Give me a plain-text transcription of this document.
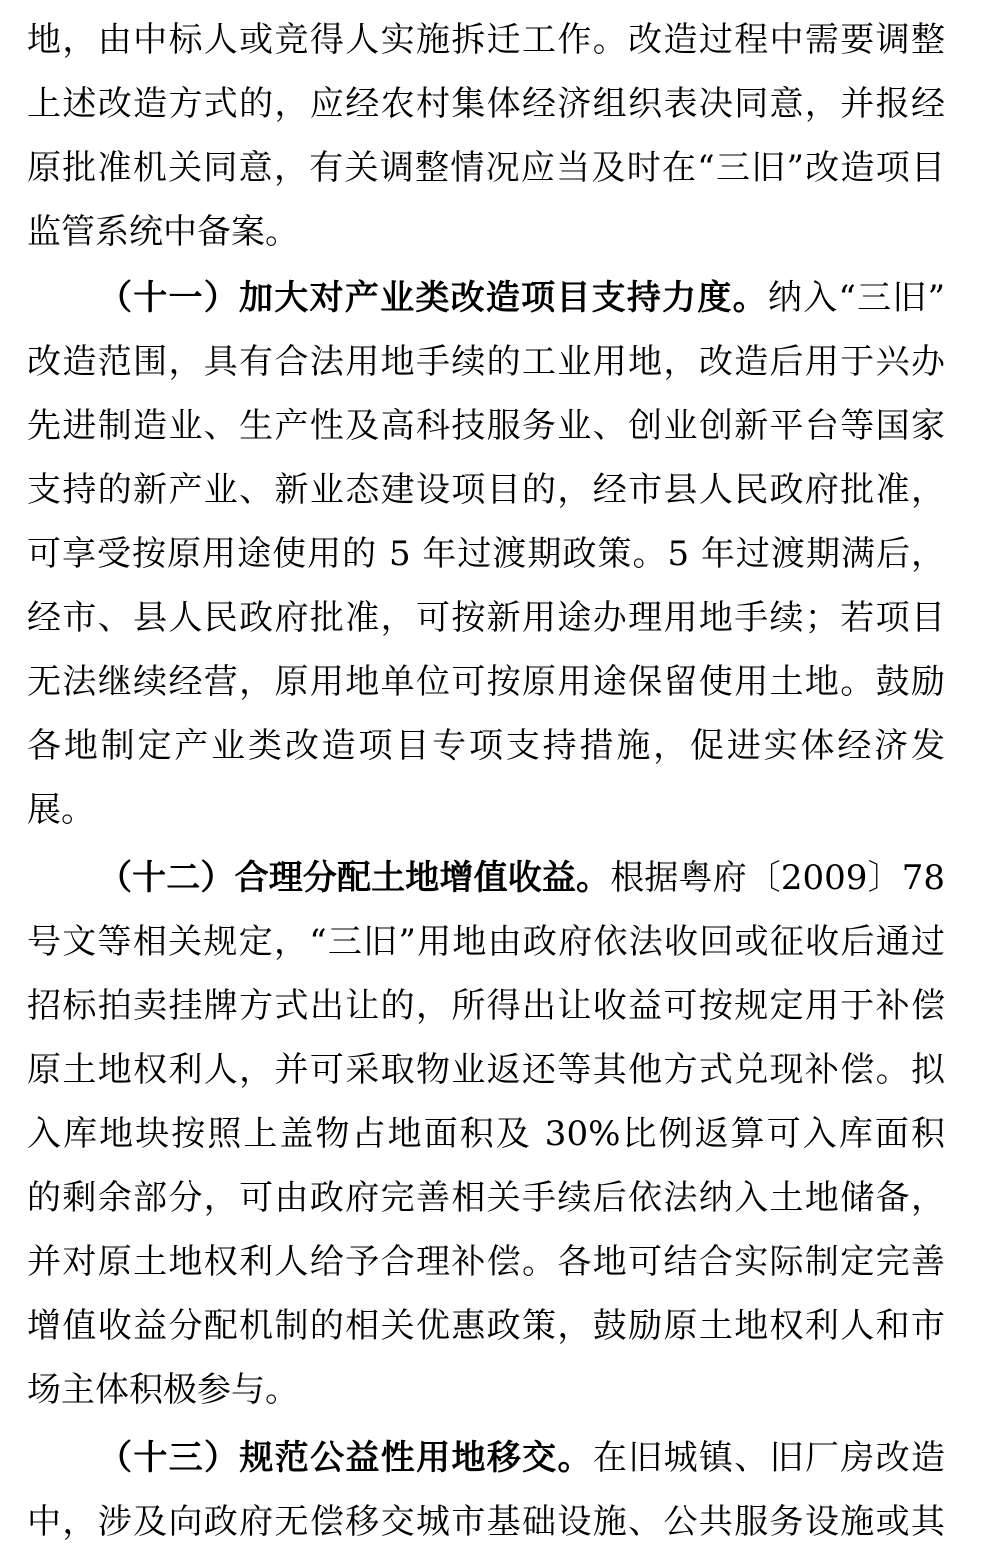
地，由中标人或竞得人实施拆迁工作。改造过程中需要调整
上述改造方式的，应经农村集体经济组织表决同意，并报经
原批准机关同意，有关调整情况应当及时在“三旧”改造项目
监管系统中备案。
（十一）加大对产业类改造项目支持力度。纳入“三旧”
改造范围，具有合法用地手续的工业用地，改造后用于兴办
先进制造业、生产性及高科技服务业、创业创新平台等国家
支持的新产业、新业态建设项目的，经市县人民政府批准，
可享受按原用途使用的 5 年过渡期政策。5 年过渡期满后，
经市、县人民政府批准，可按新用途办理用地手续；若项目
无法继续经营，原用地单位可按原用途保留使用土地。鼓励
各地制定产业类改造项目专项支持措施，促进实体经济发
展。
（十二）合理分配土地增值收益。根据粤府〔2009〕78
号文等相关规定，“三旧”用地由政府依法收回或征收后通过
招标拍卖挂牌方式出让的，所得出让收益可按规定用于补偿
原土地权利人，并可采取物业返还等其他方式兑现补偿。拟
入库地块按照上盖物占地面积及 30%比例返算可入库面积
的剩余部分，可由政府完善相关手续后依法纳入土地储备，
并对原土地权利人给予合理补偿。各地可结合实际制定完善
增值收益分配机制的相关优惠政策，鼓励原土地权利人和市
场主体积极参与。
（十三）规范公益性用地移交。在旧城镇、旧厂房改造
中，涉及向政府无偿移交城市基础设施、公共服务设施或其
